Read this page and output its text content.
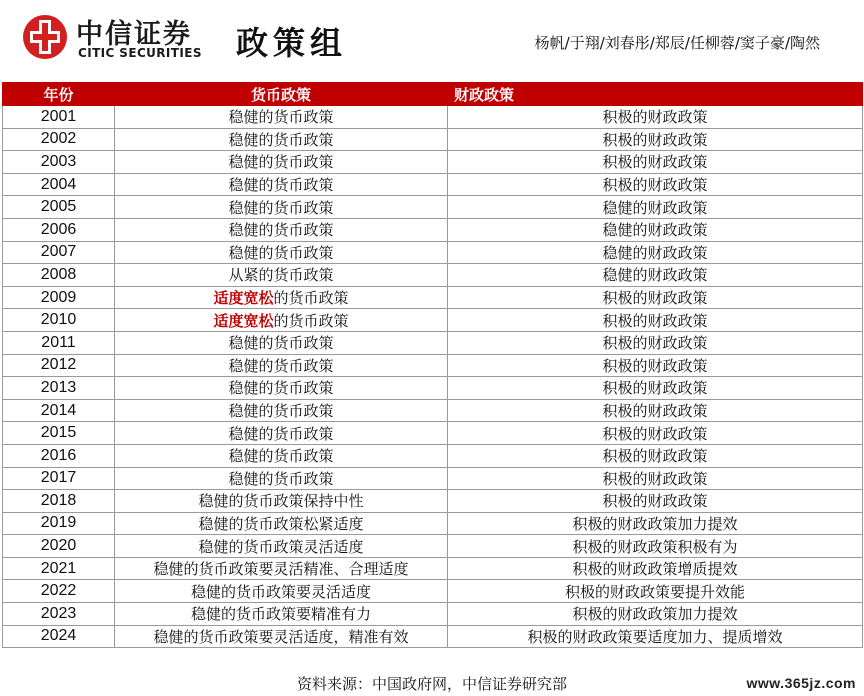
中信证券
CITIC SECURITIES 政策组	杨帆/于翔/刘春彤/郑辰/任柳蓉/窦子豪/陶然
年份	货币政策	财政政策
2001	稳健的货币政策	积极的财政政策
2002	稳健的货币政策	积极的财政政策
2003	稳健的货币政策	积极的财政政策
2004	稳健的货币政策	积极的财政政策
2005	稳健的货币政策	稳健的财政政策
2006	稳健的货币政策	稳健的财政政策
2007	稳健的货币政策	稳健的财政政策
2008	从紧的货币政策	稳健的财政政策
2009	适度宽松的货币政策	积极的财政政策
2010	适度宽松的货币政策	积极的财政政策
2011	稳健的货币政策	积极的财政政策
2012	稳健的货币政策	积极的财政政策
2013	稳健的货币政策	积极的财政政策
2014	稳健的货币政策	积极的财政政策
2015	稳健的货币政策	积极的财政政策
2016	稳健的货币政策	积极的财政政策
2017	稳健的货币政策	积极的财政政策
2018	稳健的货币政策保持中性	积极的财政政策
2019	稳健的货币政策松紧适度	积极的财政政策加力提效
2020	稳健的货币政策灵活适度	积极的财政政策积极有为
2021	稳健的货币政策要灵活精准、合理适度	积极的财政政策增质提效
2022	稳健的货币政策要灵活适度	积极的财政政策要提升效能
2023	稳健的货币政策要精准有力	积极的财政政策加力提效
2024	稳健的货币政策要灵活适度，精准有效	积极的财政政策要适度加力、提质增效
资料来源：中国政府网，中信证券研究部	www.365jz.com
